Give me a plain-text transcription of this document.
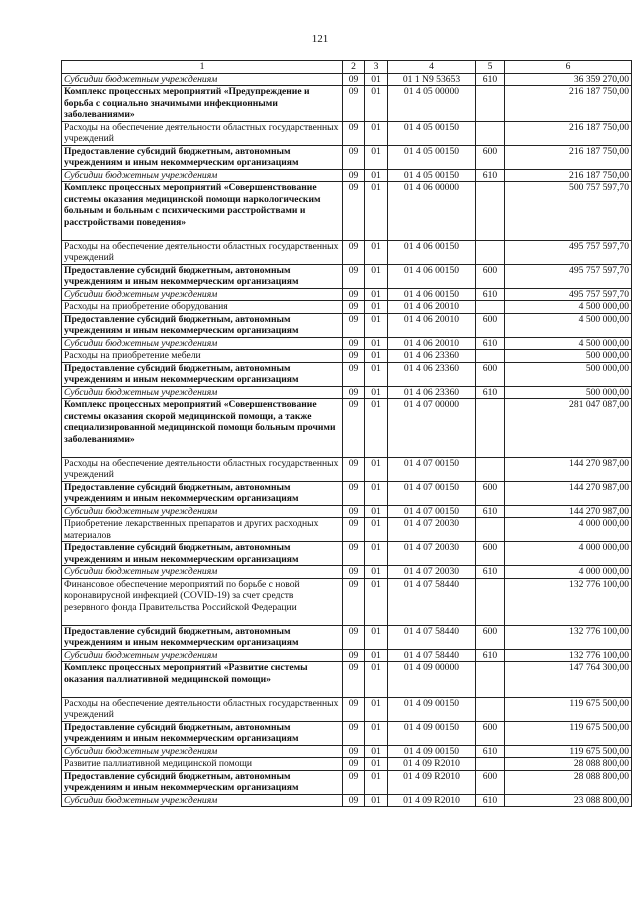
121
1	2	3	4	5	6
Субсидии бюджетным учреждениям	09	01	01 1 N9 53653	610	36 359 270,00
Комплекс процессных мероприятий «Предупреждение и борьба с социально значимыми инфекционными заболеваниями»	09	01	01 4 05 00000		216 187 750,00
Расходы на обеспечение деятельности областных государственных учреждений	09	01	01 4 05 00150		216 187 750,00
Предоставление субсидий бюджетным, автономным учреждениям и иным некоммерческим организациям	09	01	01 4 05 00150	600	216 187 750,00
Субсидии бюджетным учреждениям	09	01	01 4 05 00150	610	216 187 750,00
Комплекс процессных мероприятий «Совершенствование системы оказания медицинской помощи наркологическим больным и больным с психическими расстройствами и расстройствами поведения»	09	01	01 4 06 00000		500 757 597,70
Расходы на обеспечение деятельности областных государственных учреждений	09	01	01 4 06 00150		495 757 597,70
Предоставление субсидий бюджетным, автономным учреждениям и иным некоммерческим организациям	09	01	01 4 06 00150	600	495 757 597,70
Субсидии бюджетным учреждениям	09	01	01 4 06 00150	610	495 757 597,70
Расходы на приобретение оборудования	09	01	01 4 06 20010		4 500 000,00
Предоставление субсидий бюджетным, автономным учреждениям и иным некоммерческим организациям	09	01	01 4 06 20010	600	4 500 000,00
Субсидии бюджетным учреждениям	09	01	01 4 06 20010	610	4 500 000,00
Расходы на приобретение мебели	09	01	01 4 06 23360		500 000,00
Предоставление субсидий бюджетным, автономным учреждениям и иным некоммерческим организациям	09	01	01 4 06 23360	600	500 000,00
Субсидии бюджетным учреждениям	09	01	01 4 06 23360	610	500 000,00
Комплекс процессных мероприятий «Совершенствование системы оказания скорой медицинской помощи, а также специализированной медицинской помощи больным прочими заболеваниями»	09	01	01 4 07 00000		281 047 087,00
Расходы на обеспечение деятельности областных государственных учреждений	09	01	01 4 07 00150		144 270 987,00
Предоставление субсидий бюджетным, автономным учреждениям и иным некоммерческим организациям	09	01	01 4 07 00150	600	144 270 987,00
Субсидии бюджетным учреждениям	09	01	01 4 07 00150	610	144 270 987,00
Приобретение лекарственных препаратов и других расходных материалов	09	01	01 4 07 20030		4 000 000,00
Предоставление субсидий бюджетным, автономным учреждениям и иным некоммерческим организациям	09	01	01 4 07 20030	600	4 000 000,00
Субсидии бюджетным учреждениям	09	01	01 4 07 20030	610	4 000 000,00
Финансовое обеспечение мероприятий по борьбе с новой коронавирусной инфекцией (COVID-19) за счет средств резервного фонда Правительства Российской Федерации	09	01	01 4 07 58440		132 776 100,00
Предоставление субсидий бюджетным, автономным учреждениям и иным некоммерческим организациям	09	01	01 4 07 58440	600	132 776 100,00
Субсидии бюджетным учреждениям	09	01	01 4 07 58440	610	132 776 100,00
Комплекс процессных мероприятий «Развитие системы оказания паллиативной медицинской помощи»	09	01	01 4 09 00000		147 764 300,00
Расходы на обеспечение деятельности областных государственных учреждений	09	01	01 4 09 00150		119 675 500,00
Предоставление субсидий бюджетным, автономным учреждениям и иным некоммерческим организациям	09	01	01 4 09 00150	600	119 675 500,00
Субсидии бюджетным учреждениям	09	01	01 4 09 00150	610	119 675 500,00
Развитие паллиативной медицинской помощи	09	01	01 4 09 R2010		28 088 800,00
Предоставление субсидий бюджетным, автономным учреждениям и иным некоммерческим организациям	09	01	01 4 09 R2010	600	28 088 800,00
Субсидии бюджетным учреждениям	09	01	01 4 09 R2010	610	23 088 800,00
